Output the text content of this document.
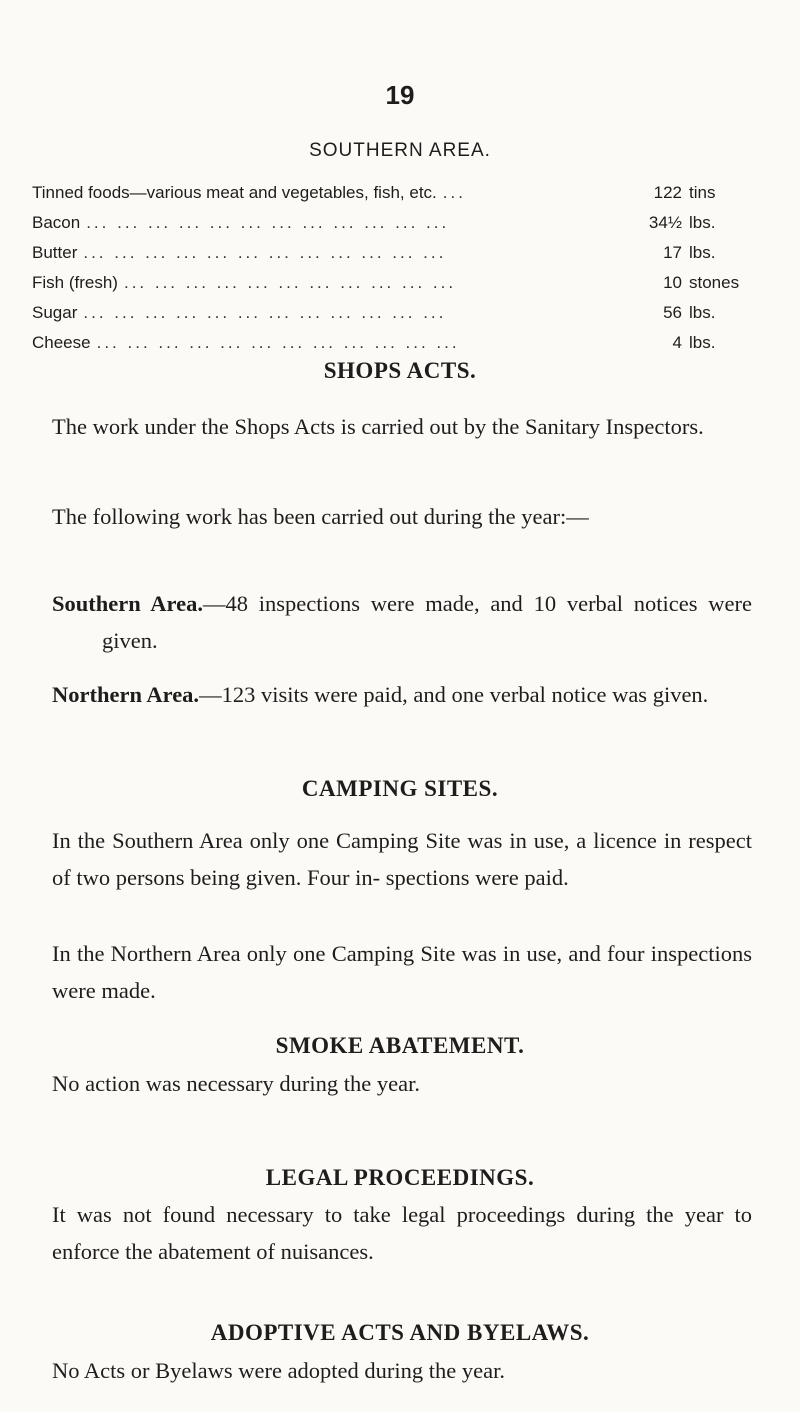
19
SOUTHERN AREA.
Tinned foods—various meat and vegetables, fish, etc. ...	122 tins
Bacon ... ... ... ... ... ... ... ... ... ... ... ...	34½ lbs.
Butter ... ... ... ... ... ... ... ... ... ... ... ...	17 lbs.
Fish (fresh) ... ... ... ... ... ... ... ... ... ... ...	10 stones
Sugar ... ... ... ... ... ... ... ... ... ... ... ...	56 lbs.
Cheese ... ... ... ... ... ... ... ... ... ... ... ...	4 lbs.
SHOPS ACTS.

The work under the Shops Acts is carried out by the Sanitary Inspectors.

The following work has been carried out during the year:—

Southern Area.—48 inspections were made, and 10 verbal notices were given.

Northern Area.—123 visits were paid, and one verbal notice was given.

CAMPING SITES.

In the Southern Area only one Camping Site was in use, a licence in respect of two persons being given. Four in- spections were paid.

In the Northern Area only one Camping Site was in use, and four inspections were made.

SMOKE ABATEMENT.

No action was necessary during the year.

LEGAL PROCEEDINGS.

It was not found necessary to take legal proceedings during the year to enforce the abatement of nuisances.

ADOPTIVE ACTS AND BYELAWS.

No Acts or Byelaws were adopted during the year.
